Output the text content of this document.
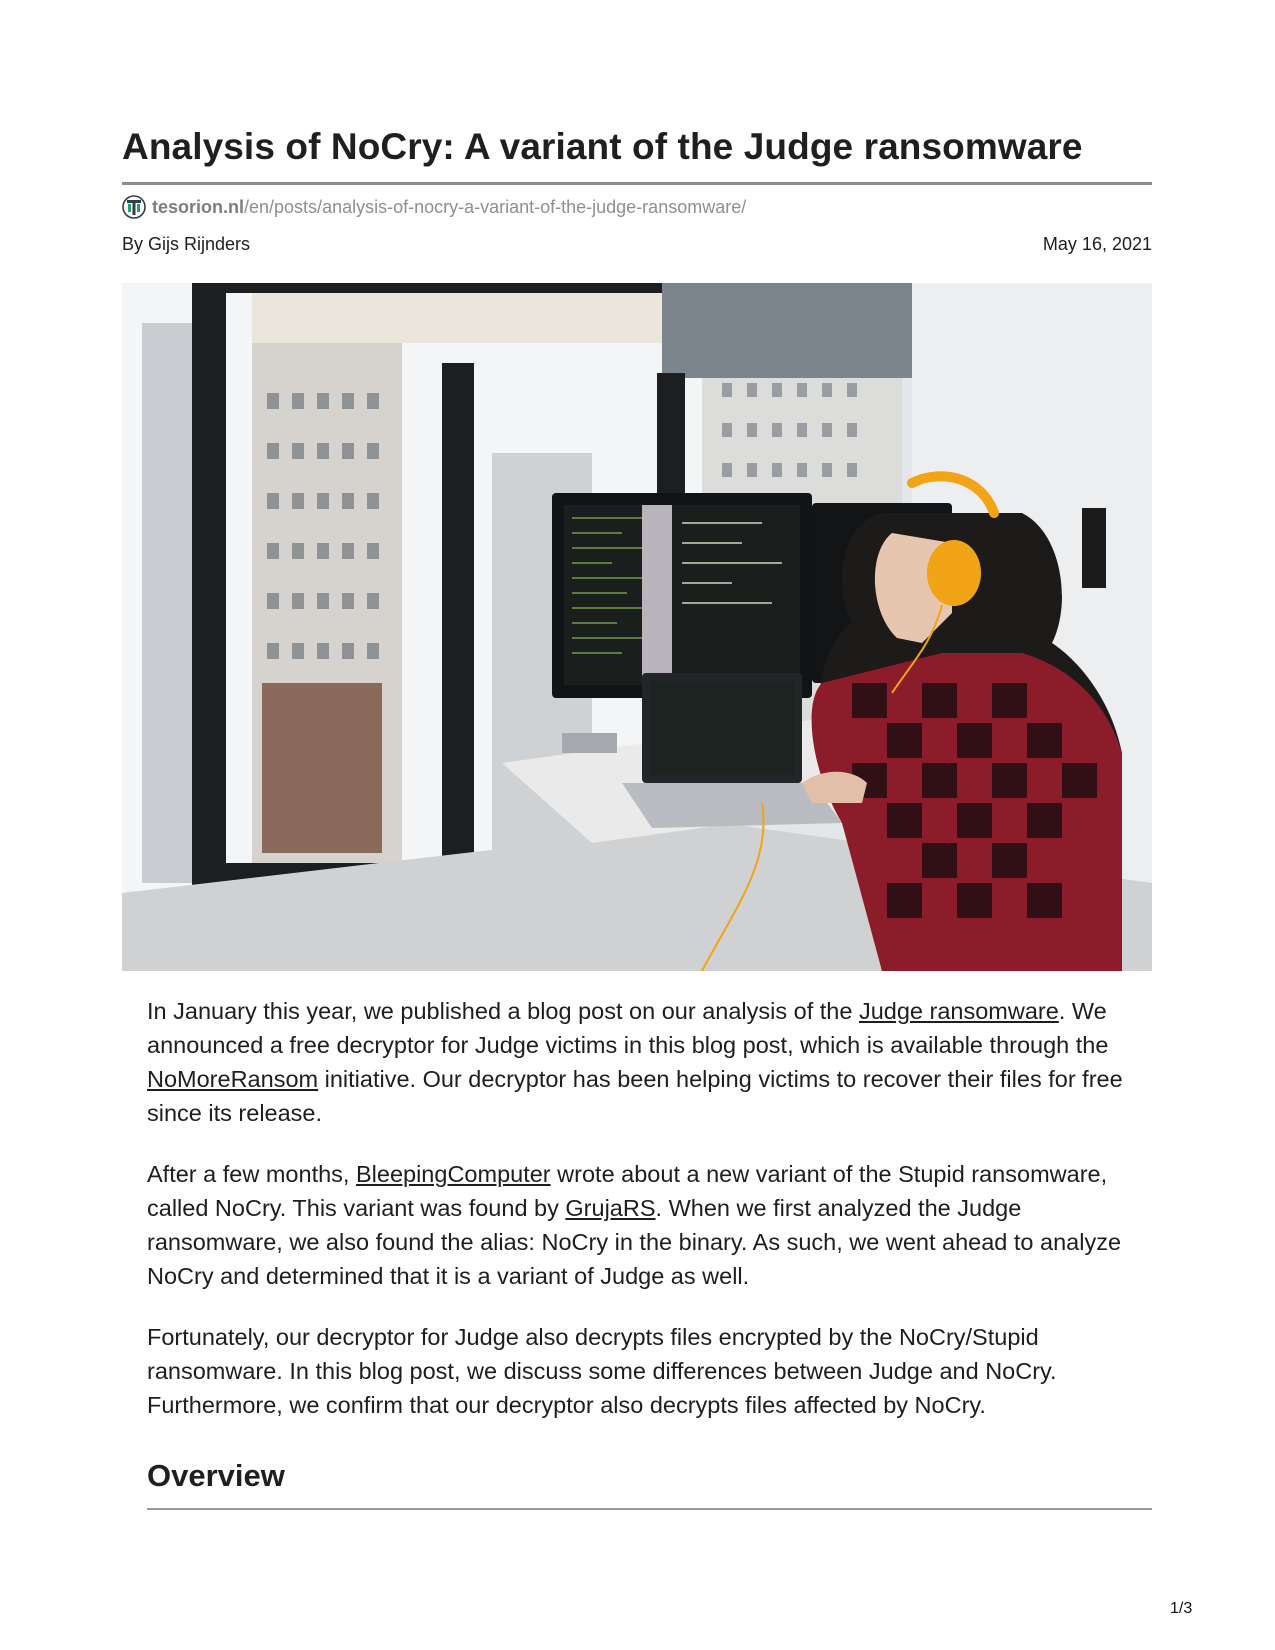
Analysis of NoCry: A variant of the Judge ransomware
tesorion.nl /en/posts/analysis-of-nocry-a-variant-of-the-judge-ransomware/
By Gijs Rijnders	May 16, 2021

In January this year, we published a blog post on our analysis of the Judge ransomware. We announced a free decryptor for Judge victims in this blog post, which is available through the NoMoreRansom initiative. Our decryptor has been helping victims to recover their files for free since its release.

After a few months, BleepingComputer wrote about a new variant of the Stupid ransomware, called NoCry. This variant was found by GrujaRS. When we first analyzed the Judge ransomware, we also found the alias: NoCry in the binary. As such, we went ahead to analyze NoCry and determined that it is a variant of Judge as well.

Fortunately, our decryptor for Judge also decrypts files encrypted by the NoCry/Stupid ransomware. In this blog post, we discuss some differences between Judge and NoCry. Furthermore, we confirm that our decryptor also decrypts files affected by NoCry.

Overview
1/3
